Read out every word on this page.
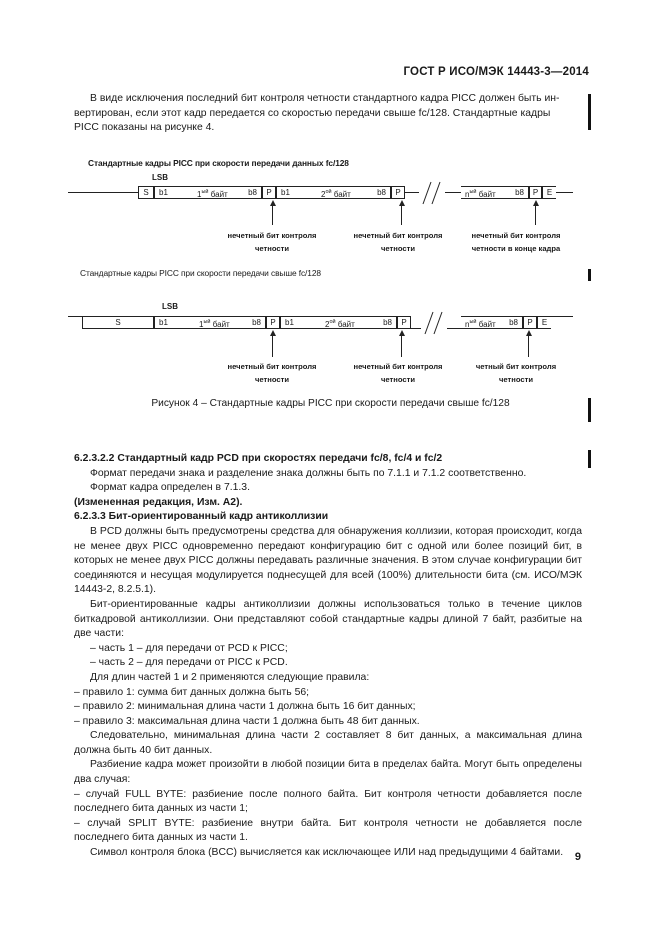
ГОСТ Р ИСО/МЭК 14443-3—2014
В виде исключения последний бит контроля четности стандартного кадра PICC должен быть ин-
вертирован, если этот кадр передается со скоростью передачи свыше fc/128. Стандартные кадры
PICC показаны на рисунке 4.
Стандартные кадры PICC при скорости передачи данных fc/128
LSB
S	b1	$1^{ый}$ байт	b8	P	b1	$2^{ой}$ байт	b8	P	$n^{ый}$ байт b8	P	E
нечетный бит контроля
четности
нечетный бит контроля
четности
нечетный бит контроля
четности в конце кадра
Стандартные кадры PICC при скорости передачи свыше fc/128
LSB
S	b1	$1^{ый}$ байт	b8	P	b1	$2^{ой}$ байт	b8	P	$n^{ый}$ байт b8	P	E
нечетный бит контроля
четности
нечетный бит контроля
четности
четный бит контроля
четности
Рисунок 4 – Стандартные кадры PICC при скорости передачи свыше fc/128

6.2.3.2.2 Стандартный кадр PCD при скоростях передачи fc/8, fc/4 и fc/2

Формат передачи знака и разделение знака должны быть по 7.1.1 и 7.1.2 соответственно.

Формат кадра определен в 7.1.3.

(Измененная редакция, Изм. А2).

6.2.3.3 Бит-ориентированный кадр антиколлизии

В PCD должны быть предусмотрены средства для обнаружения коллизии, которая происходит, когда не менее двух PICC одновременно передают конфигурацию бит с одной или более позиций бит, в которых не менее двух PICC должны передавать различные значения. В этом случае конфигурации бит соединяются и несущая модулируется поднесущей для всей (100%) длительности бита (см. ИСО/МЭК 14443-2, 8.2.5.1).

Бит-ориентированные кадры антиколлизии должны использоваться только в течение циклов биткадровой антиколлизии. Они представляют собой стандартные кадры длиной 7 байт, разбитые на две части:

– часть 1 – для передачи от PCD к PICC;

– часть 2 – для передачи от PICC к PCD.

Для длин частей 1 и 2 применяются следующие правила:

– правило 1: сумма бит данных должна быть 56;

– правило 2: минимальная длина части 1 должна быть 16 бит данных;

– правило 3: максимальная длина части 1 должна быть 48 бит данных.

Следовательно, минимальная длина части 2 составляет 8 бит данных, а максимальная длина должна быть 40 бит данных.

Разбиение кадра может произойти в любой позиции бита в пределах байта. Могут быть определены два случая:

– случай FULL BYTE: разбиение после полного байта. Бит контроля четности добавляется после последнего бита данных из части 1;

– случай SPLIT BYTE: разбиение внутри байта. Бит контроля четности не добавляется после последнего бита данных из части 1.

Символ контроля блока (BCC) вычисляется как исключающее ИЛИ над предыдущими 4 байтами.	9
